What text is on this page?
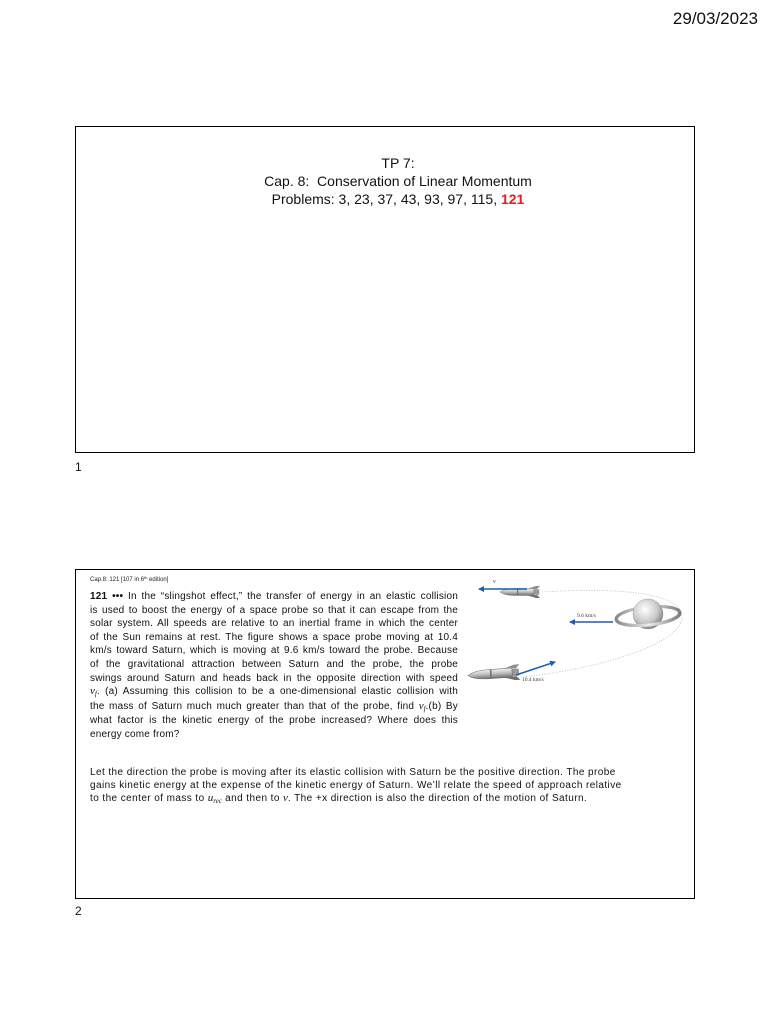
29/03/2023
TP 7:
Cap. 8:  Conservation of Linear Momentum
Problems: 3, 23, 37, 43, 93, 97, 115, 121
1
Cap.8: 121 [107 in 6th edition]
121 ••• In the “slingshot effect,” the transfer of energy in an elastic collision
is used to boost the energy of a space probe so that it can escape from the
solar system. All speeds are relative to an inertial frame in which the center
of the Sun remains at rest. The figure shows a space probe moving at 10.4
km/s toward Saturn, which is moving at 9.6 km/s toward the probe. Because
of the gravitational attraction between Saturn and the probe, the probe
swings around Saturn and heads back in the opposite direction with speed
$v_f$. (a) Assuming this collision to be a one-dimensional elastic collision with
the mass of Saturn much much greater than that of the probe, find $v_f.(b)$ By
what factor is the kinetic energy of the probe increased? Where does this
energy come from?
v
9.6 km/s
10.4 km/s
Let the direction the probe is moving after its elastic collision with Saturn be the positive direction. The probe
gains kinetic energy at the expense of the kinetic energy of Saturn. We’ll relate the speed of approach relative
to the center of mass to $u_{rec}$ and then to v. The +x direction is also the direction of the motion of Saturn.
2
